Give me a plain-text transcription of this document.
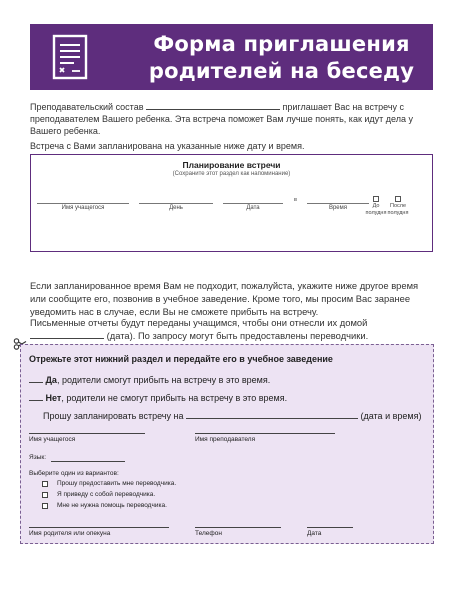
Форма приглашения
родителей на беседу
Преподавательский состав	приглашает Вас на встречу с преподавателем Вашего ребенка. Эта встреча поможет Вам лучше понять, как идут дела у Вашего ребенка.
Встреча с Вами запланирована на указанные ниже дату и время.
Планирование встречи
(Сохраните этот раздел как напоминание)
Имя учащегося	День	Дата
в
Время	До полудня
После полудня
Если запланированное время Вам не подходит, пожалуйста, укажите ниже другое время или сообщите его, позвонив в учебное заведение. Кроме того, мы просим Вас заранее уведомить нас в случае, если Вы не сможете прибыть на встречу.
Письменные отчеты будут переданы учащимся, чтобы они отнесли их домой  (дата). По запросу могут быть предоставлены переводчики.
Отрежьте этот нижний раздел и передайте его в учебное заведение
Да, родители смогут прибыть на встречу в это время.
Нет, родители не смогут прибыть на встречу в это время.
Прошу запланировать встречу на	(дата и время)
Имя учащегося	Имя преподавателя
Язык:
Выберите один из вариантов:
Прошу предоставить мне переводчика.
Я приведу с собой переводчика.
Мне не нужна помощь переводчика.
Имя родителя или опекуна	Телефон	Дата
